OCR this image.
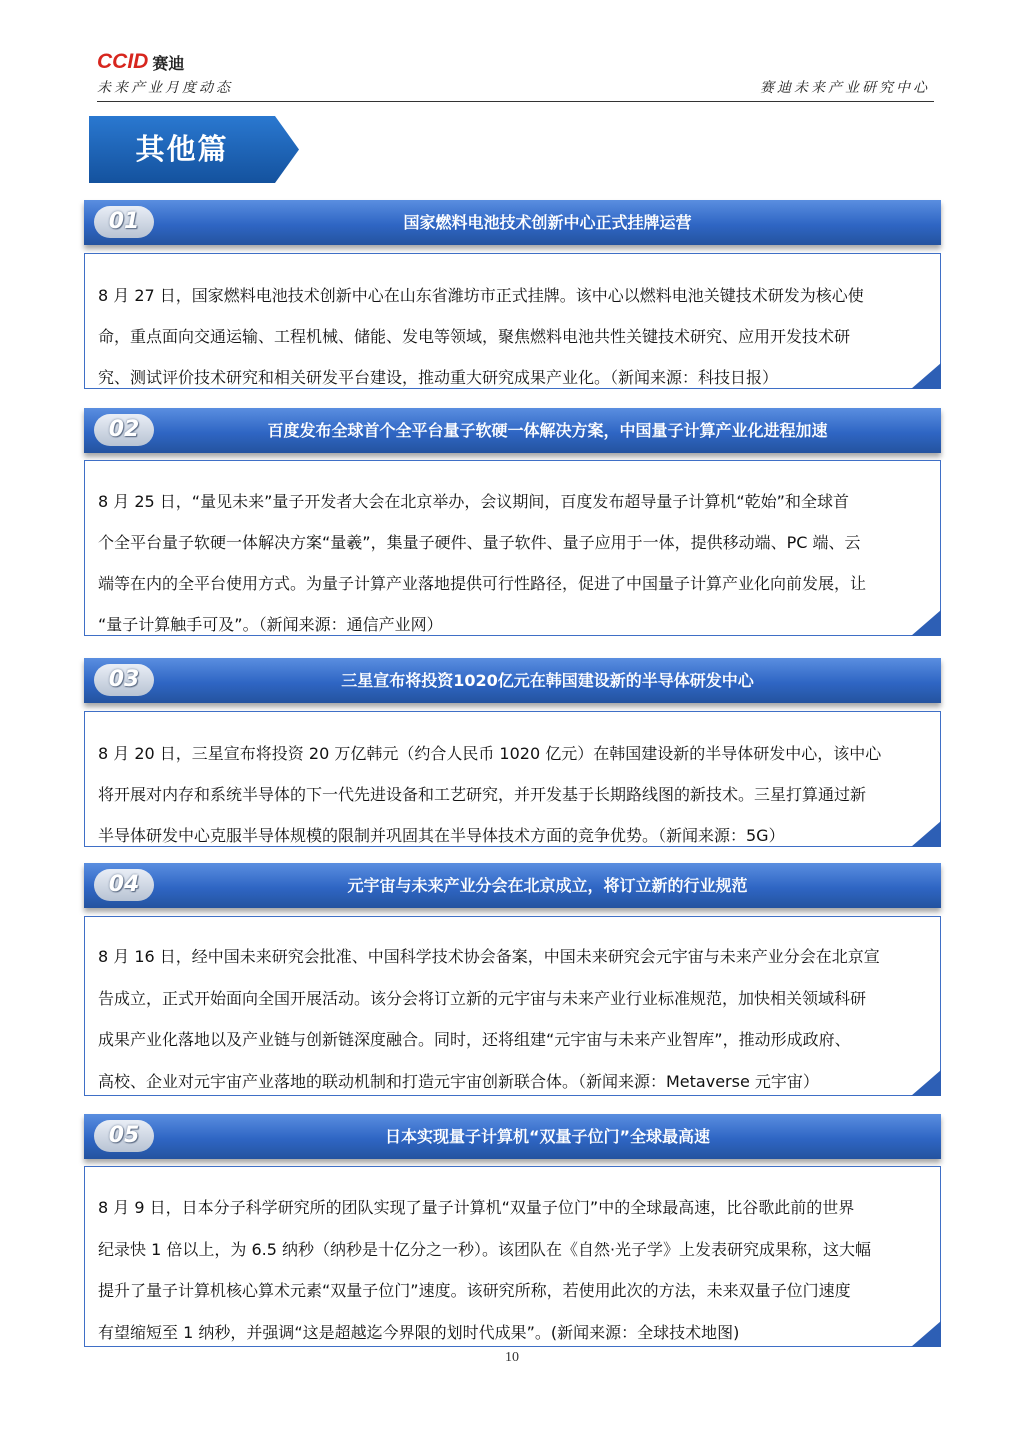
CCID 赛迪
未来产业月度动态	赛迪未来产业研究中心
其他篇
01	国家燃料电池技术创新中心正式挂牌运营

8 月 27 日，国家燃料电池技术创新中心在山东省潍坊市正式挂牌。该中心以燃料电池关键技术研发为核心使

命，重点面向交通运输、工程机械、储能、发电等领域，聚焦燃料电池共性关键技术研究、应用开发技术研

究、测试评价技术研究和相关研发平台建设，推动重大研究成果产业化。（新闻来源：科技日报）

02	百度发布全球首个全平台量子软硬一体解决方案，中国量子计算产业化进程加速

8 月 25 日，“量见未来”量子开发者大会在北京举办，会议期间，百度发布超导量子计算机“乾始”和全球首

个全平台量子软硬一体解决方案“量羲”，集量子硬件、量子软件、量子应用于一体，提供移动端、PC 端、云

端等在内的全平台使用方式。为量子计算产业落地提供可行性路径，促进了中国量子计算产业化向前发展，让

“量子计算触手可及”。（新闻来源：通信产业网）

03	三星宣布将投资1020亿元在韩国建设新的半导体研发中心

8 月 20 日，三星宣布将投资 20 万亿韩元（约合人民币 1020 亿元）在韩国建设新的半导体研发中心，该中心

将开展对内存和系统半导体的下一代先进设备和工艺研究，并开发基于长期路线图的新技术。三星打算通过新

半导体研发中心克服半导体规模的限制并巩固其在半导体技术方面的竞争优势。（新闻来源：5G）

04	元宇宙与未来产业分会在北京成立，将订立新的行业规范

8 月 16 日，经中国未来研究会批准、中国科学技术协会备案，中国未来研究会元宇宙与未来产业分会在北京宣

告成立，正式开始面向全国开展活动。该分会将订立新的元宇宙与未来产业行业标准规范，加快相关领域科研

成果产业化落地以及产业链与创新链深度融合。同时，还将组建“元宇宙与未来产业智库”，推动形成政府、

高校、企业对元宇宙产业落地的联动机制和打造元宇宙创新联合体。（新闻来源：Metaverse 元宇宙）

05	日本实现量子计算机“双量子位门”全球最高速

8 月 9 日，日本分子科学研究所的团队实现了量子计算机“双量子位门”中的全球最高速，比谷歌此前的世界

纪录快 1 倍以上，为 6.5 纳秒（纳秒是十亿分之一秒）。该团队在《自然·光子学》上发表研究成果称，这大幅

提升了量子计算机核心算术元素“双量子位门”速度。该研究所称，若使用此次的方法，未来双量子位门速度

有望缩短至 1 纳秒，并强调“这是超越迄今界限的划时代成果”。(新闻来源：全球技术地图)

10
